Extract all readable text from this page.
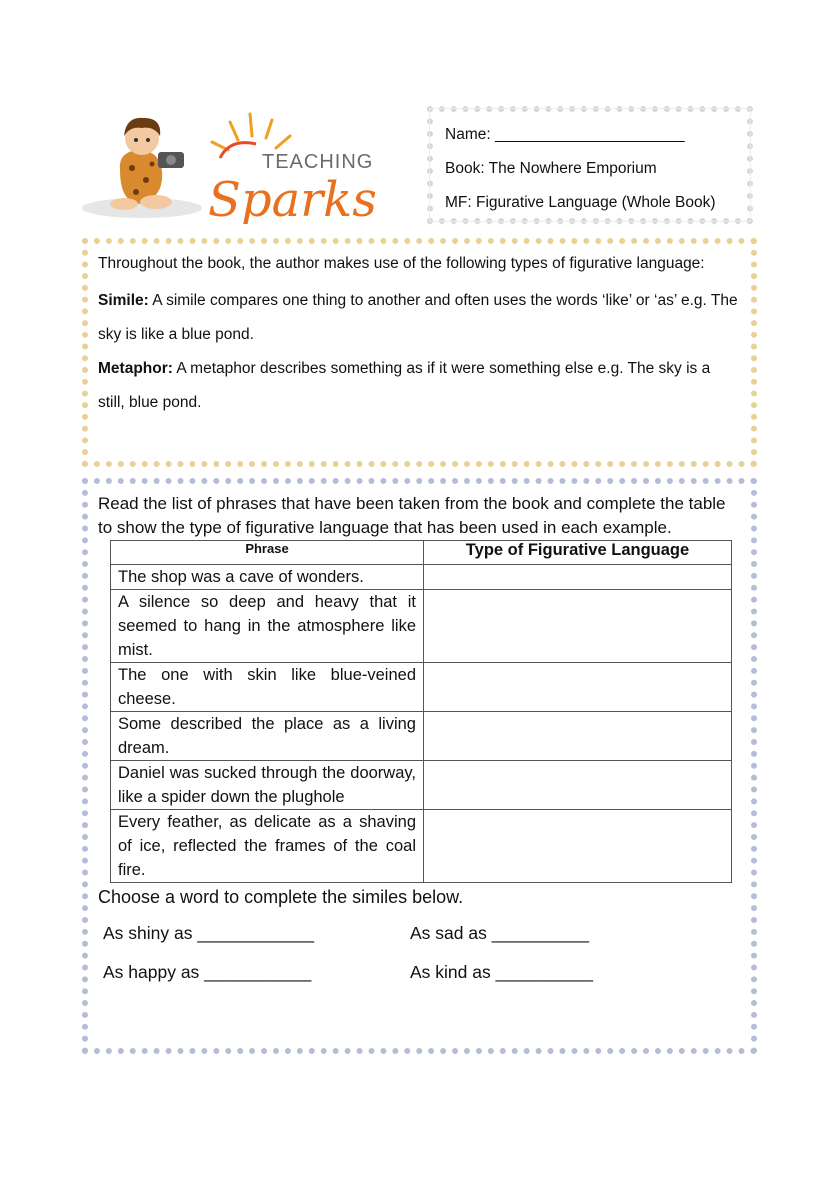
TEACHING
Sparks
Name: ______________________
Book: The Nowhere Emporium
MF: Figurative Language (Whole Book)

Throughout the book, the author makes use of the following types of figurative language:

Simile: A simile compares one thing to another and often uses the words ‘like’ or ‘as’ e.g. The sky is like a blue pond.

Metaphor: A metaphor describes something as if it were something else e.g. The sky is a still, blue pond.

Read the list of phrases that have been taken from the book and complete the table to show the type of figurative language that has been used in each example.

Phrase	Type of Figurative Language
The shop was a cave of wonders.	
A silence so deep and heavy that it seemed to hang in the atmosphere like mist.	
The one with skin like blue-veined cheese.	
Some described the place as a living dream.	
Daniel was sucked through the doorway, like a spider down the plughole	
Every feather, as delicate as a shaving of ice, reflected the frames of the coal fire.	

Choose a word to complete the similes below.

As shiny as ____________	As sad as __________
As happy as ___________	As kind as __________
